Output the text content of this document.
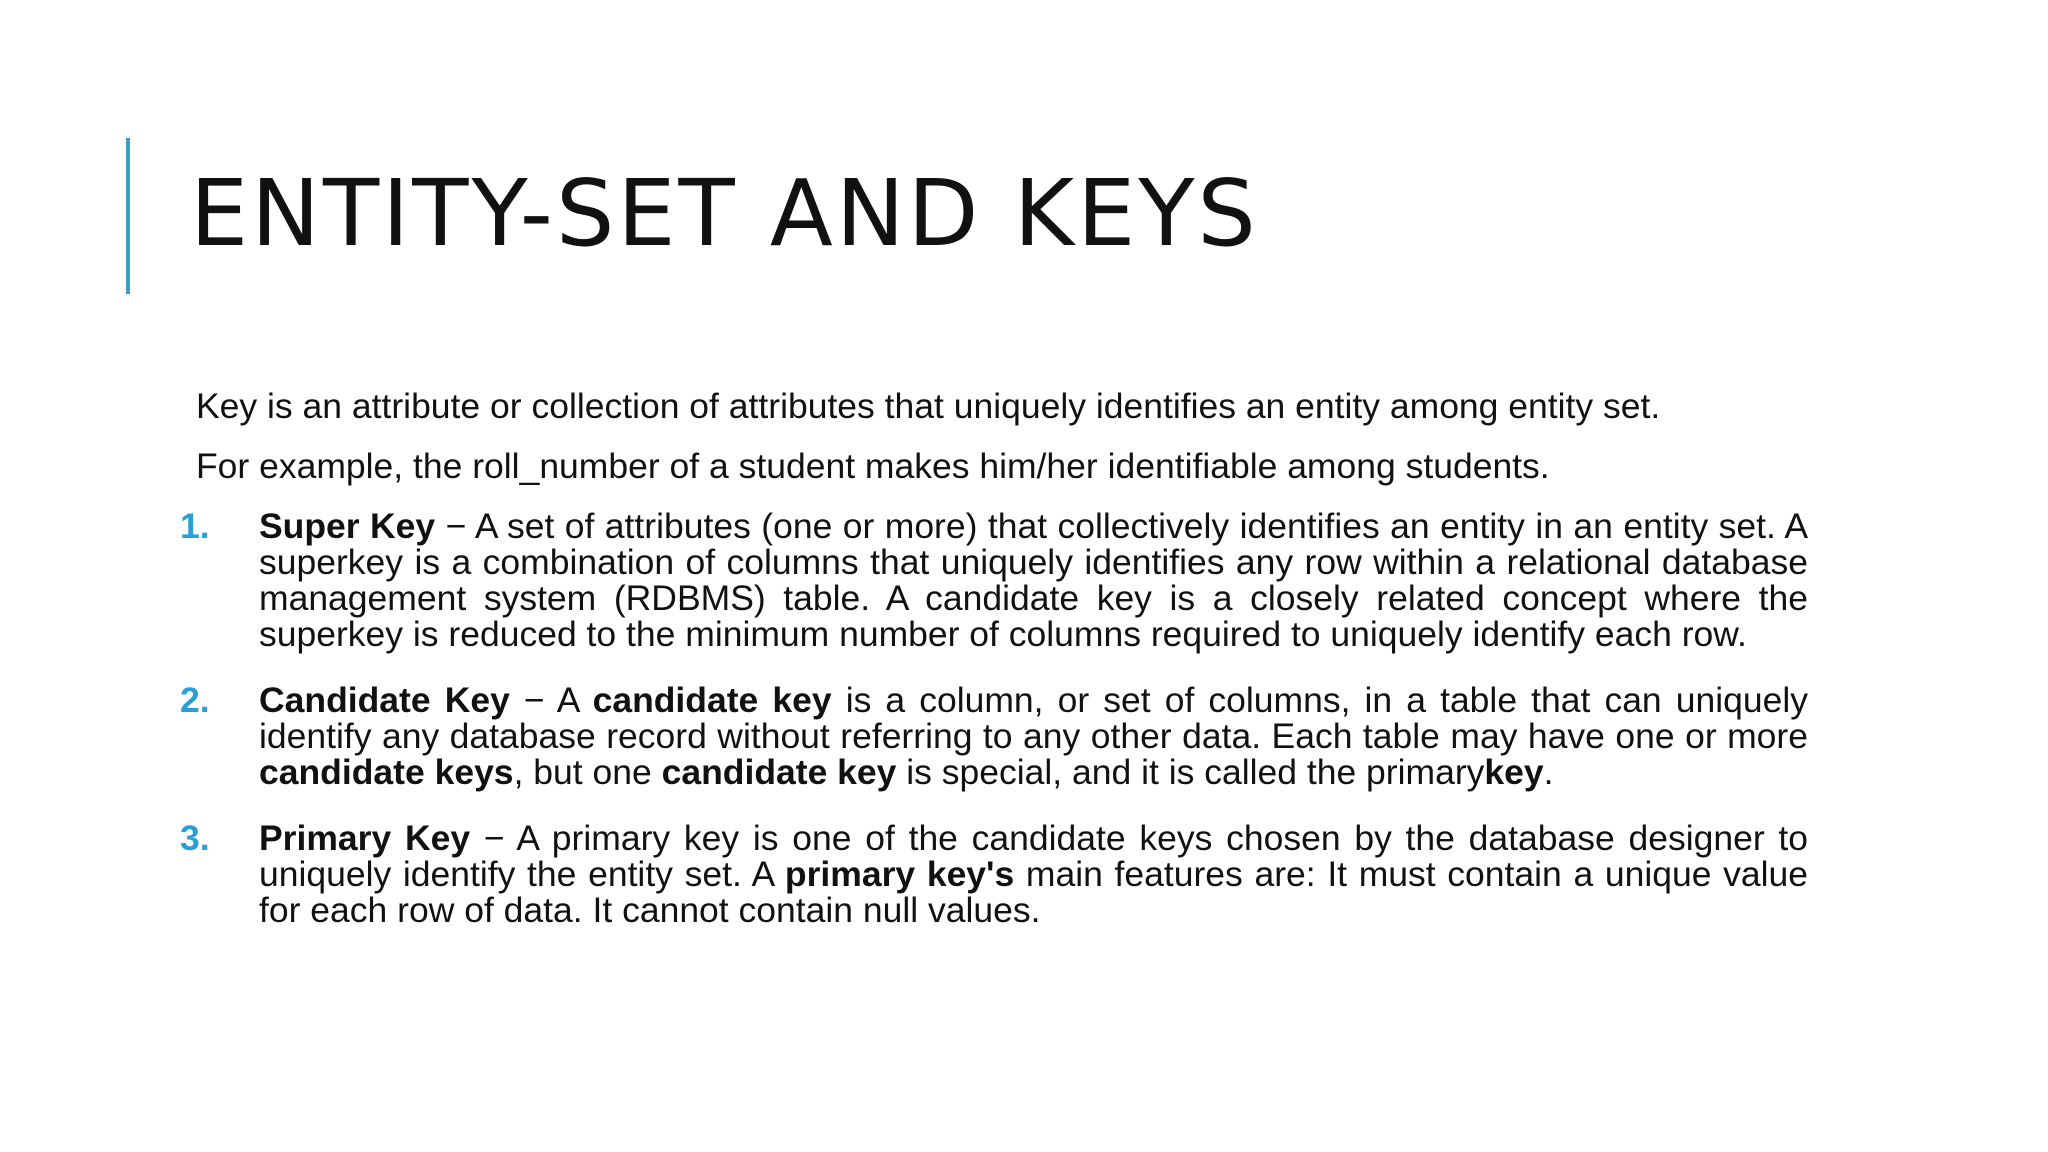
ENTITY-SET AND KEYS

Key is an attribute or collection of attributes that uniquely identifies an entity among entity set.

For example, the roll_number of a student makes him/her identifiable among students.

1.	Super Key − A set of attributes (one or more) that collectively identifies an entity in an entity set. A superkey is a combination of columns that uniquely identifies any row within a relational database management system (RDBMS) table. A candidate key is a closely related concept where the superkey is reduced to the minimum number of columns required to uniquely identify each row.
2.	Candidate Key − A candidate key is a column, or set of columns, in a table that can uniquely identify any database record without referring to any other data. Each table may have one or more candidate keys, but one candidate key is special, and it is called the primarykey.
3.	Primary Key − A primary key is one of the candidate keys chosen by the database designer to uniquely identify the entity set. A primary key's main features are: It must contain a unique value for each row of data. It cannot contain null values.
